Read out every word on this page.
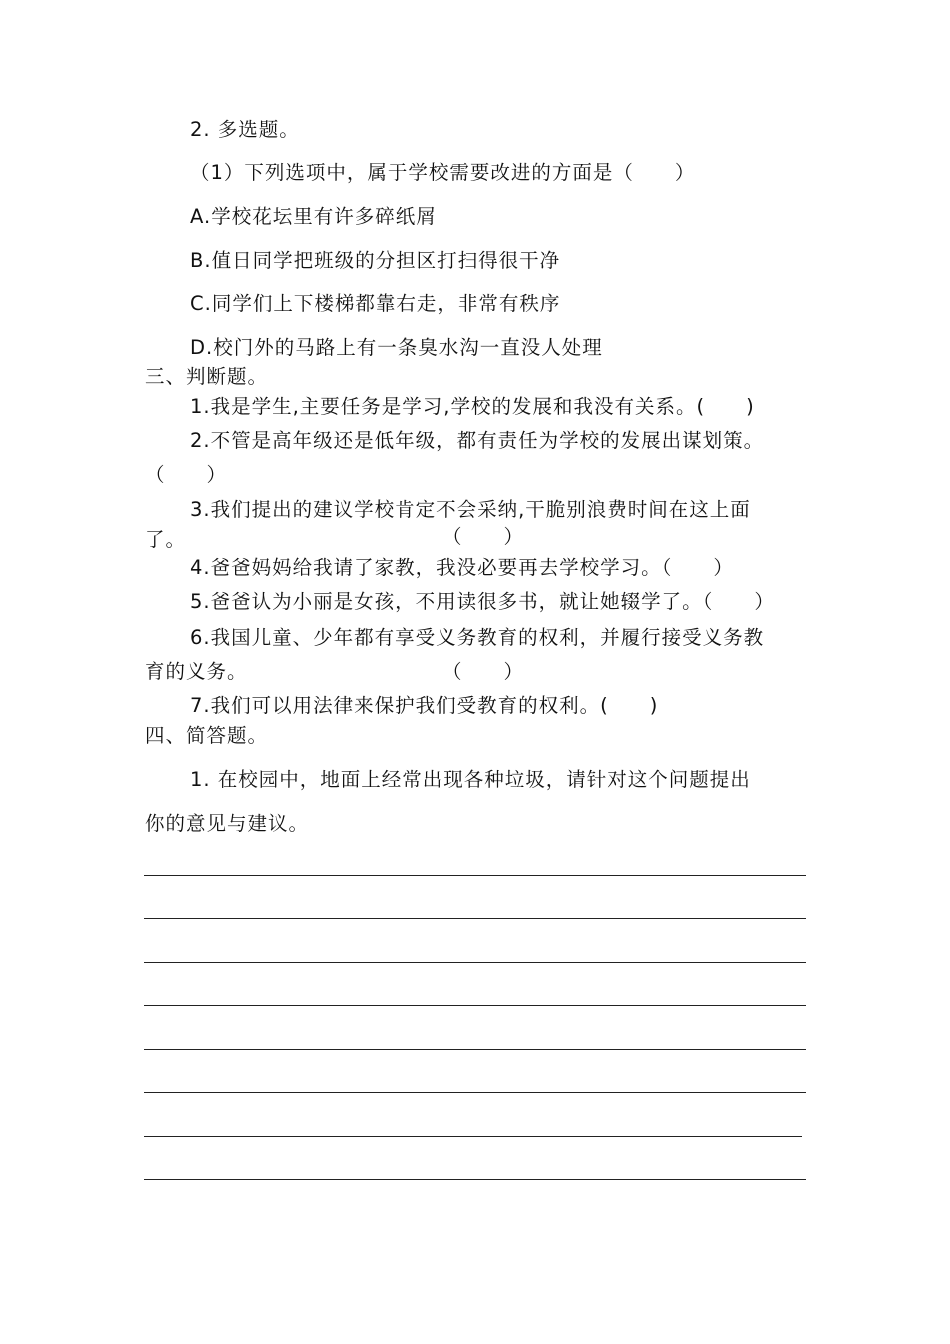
2. 多选题。
（1）下列选项中，属于学校需要改进的方面是（　　）
A.学校花坛里有许多碎纸屑
B.值日同学把班级的分担区打扫得很干净
C.同学们上下楼梯都靠右走，非常有秩序
D.校门外的马路上有一条臭水沟一直没人处理
三、判断题。
1.我是学生,主要任务是学习,学校的发展和我没有关系。(　　)
2.不管是高年级还是低年级，都有责任为学校的发展出谋划策。
（　　）
3.我们提出的建议学校肯定不会采纳,干脆别浪费时间在这上面
了。	（　　）
4.爸爸妈妈给我请了家教，我没必要再去学校学习。（　　）
5.爸爸认为小丽是女孩，不用读很多书，就让她辍学了。（　　）
6.我国儿童、少年都有享受义务教育的权利，并履行接受义务教
育的义务。	（　　）
7.我们可以用法律来保护我们受教育的权利。(　　)
四、简答题。
1. 在校园中，地面上经常出现各种垃圾，请针对这个问题提出
你的意见与建议。
